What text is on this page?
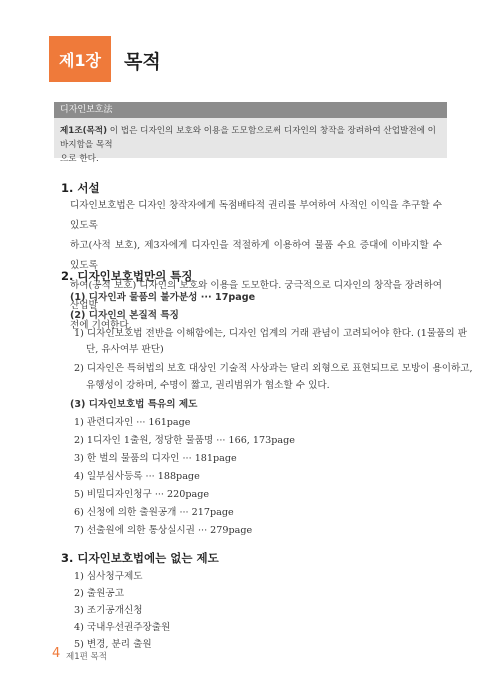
제1장	목적
디자인보호法
제1조(목적) 이 법은 디자인의 보호와 이용을 도모함으로써 디자인의 창작을 장려하여 산업발전에 이바지함을 목적
으로 한다.
1. 서설
디자인보호법은 디자인 창작자에게 독점배타적 권리를 부여하여 사적인 이익을 추구할 수 있도록
하고(사적 보호), 제3자에게 디자인을 적절하게 이용하여 물품 수요 증대에 이바지할 수 있도록
하여(공적 보호) 디자인의 보호와 이용을 도모한다. 궁극적으로 디자인의 창작을 장려하여 산업발
전에 기여한다.
2. 디자인보호법만의 특징
(1) 디자인과 물품의 불가분성 ··· 17page
(2) 디자인의 본질적 특징
1) 디자인보호법 전반을 이해함에는, 디자인 업계의 거래 관념이 고려되어야 한다. (1물품의 판
단, 유사여부 판단)
2) 디자인은 특허법의 보호 대상인 기술적 사상과는 달리 외형으로 표현되므로 모방이 용이하고,
유행성이 강하며, 수명이 짧고, 권리범위가 협소할 수 있다.
(3) 디자인보호법 특유의 제도
1) 관련디자인 ··· 161page
2) 1디자인 1출원, 정당한 물품명 ··· 166, 173page
3) 한 벌의 물품의 디자인 ··· 181page
4) 일부심사등록 ··· 188page
5) 비밀디자인청구 ··· 220page
6) 신청에 의한 출원공개 ··· 217page
7) 선출원에 의한 통상실시권 ··· 279page
3. 디자인보호법에는 없는 제도
1) 심사청구제도
2) 출원공고
3) 조기공개신청
4) 국내우선권주장출원
4 제1편 목적
5) 변경, 분리 출원
